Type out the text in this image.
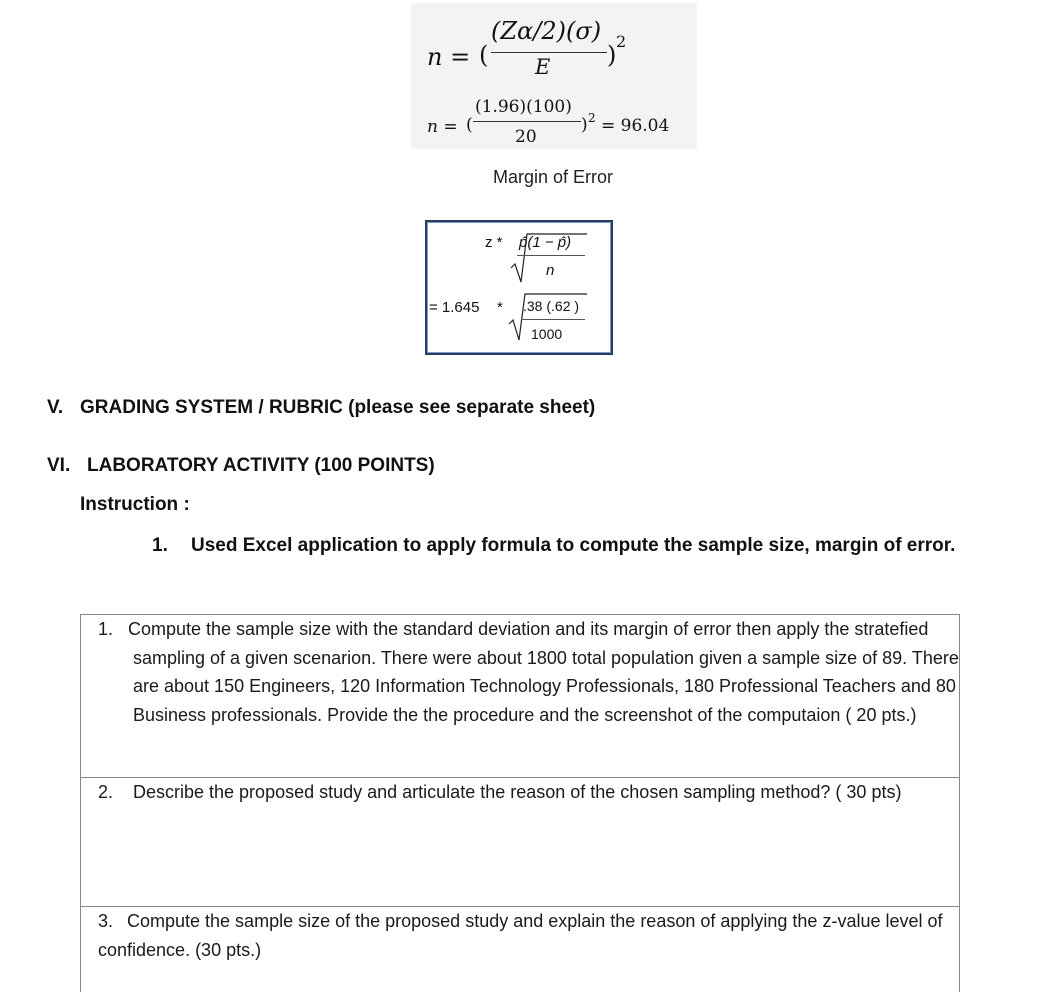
n = (
(Zα/2)(σ)
E ) 2
n = (
(1.96)(100)
20
) 2 = 96.04
Margin of Error
z * p̂(1 − p̂)
n
= 1.645 * .38 (.62 )
1000
V. GRADING SYSTEM / RUBRIC (please see separate sheet)
VI. LABORATORY ACTIVITY (100 POINTS)
Instruction :
1. Used Excel application to apply formula to compute the sample size, margin of error.
1. Compute the sample size with the standard deviation and its margin of error then apply the stratefied
sampling of a given scenarion. There were about 1800 total population given a sample size of 89. There
are about 150 Engineers, 120 Information Technology Professionals, 180 Professional Teachers and 80
Business professionals. Provide the the procedure and the screenshot of the computaion ( 20 pts.)
2. Describe the proposed study and articulate the reason of the chosen sampling method? ( 30 pts)
3. Compute the sample size of the proposed study and explain the reason of applying the z-value level of
confidence. (30 pts.)
